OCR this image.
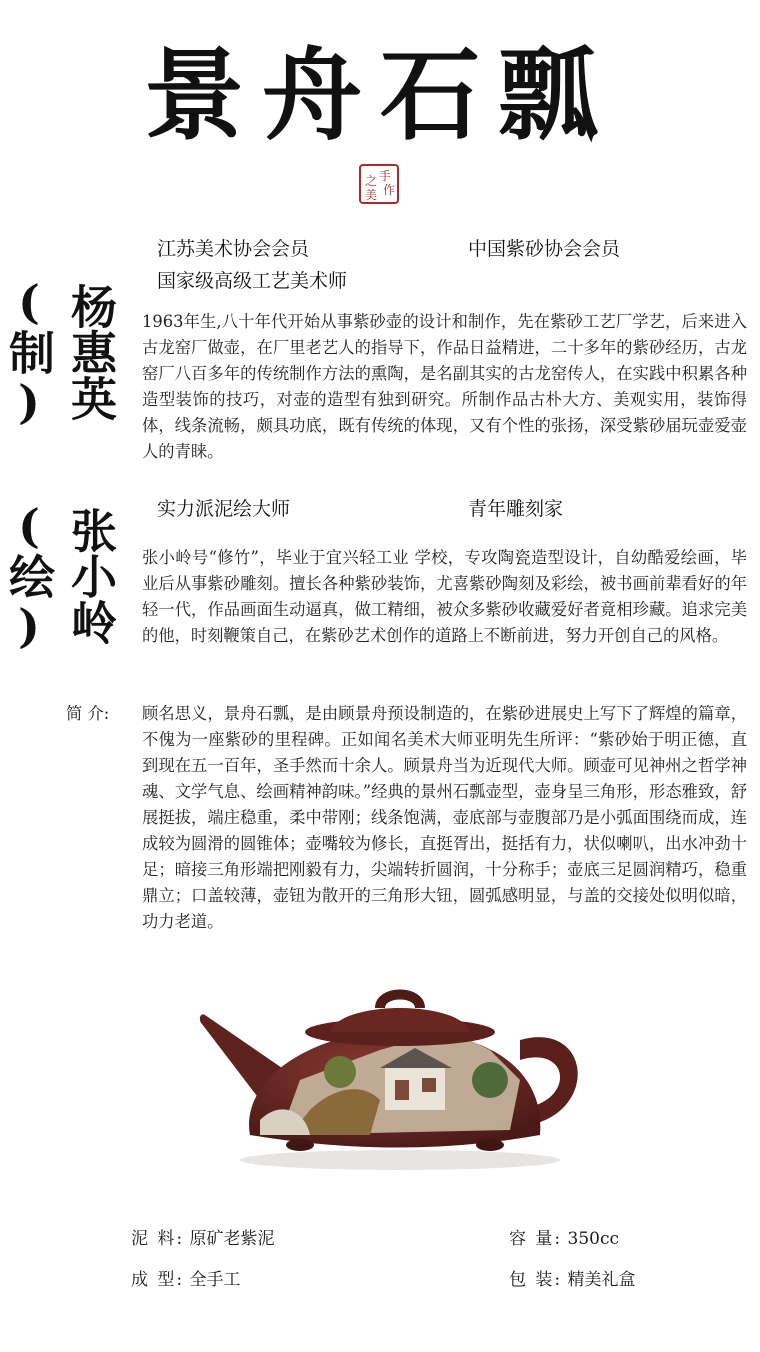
景舟石瓢
手
之
作
美
杨惠英(制)
张小岭(绘)
江苏美术协会会员	中国紫砂协会会员
国家级高级工艺美术师
1963年生,八十年代开始从事紫砂壶的设计和制作，先在紫砂工艺厂学艺，后来进入古龙窑厂做壶，在厂里老艺人的指导下，作品日益精进，二十多年的紫砂经历，古龙窑厂八百多年的传统制作方法的熏陶，是名副其实的古龙窑传人，在实践中积累各种造型装饰的技巧，对壶的造型有独到研究。所制作品古朴大方、美观实用，装饰得体，线条流畅，颇具功底，既有传统的体现，又有个性的张扬，深受紫砂届玩壶爱壶人的青睐。
实力派泥绘大师	青年雕刻家
张小岭号“修竹”，毕业于宜兴轻工业 学校，专攻陶瓷造型设计，自幼酷爱绘画，毕业后从事紫砂雕刻。擅长各种紫砂装饰，尤喜紫砂陶刻及彩绘，被书画前辈看好的年轻一代，作品画面生动逼真，做工精细，被众多紫砂收藏爱好者竟相珍藏。追求完美的他，时刻鞭策自己，在紫砂艺术创作的道路上不断前进，努力开创自己的风格。
简 介: 顾名思义，景舟石瓢，是由顾景舟预设制造的，在紫砂进展史上写下了辉煌的篇章，不傀为一座紫砂的里程碑。正如闻名美术大师亚明先生所评：“紫砂始于明正德，直到现在五一百年，圣手然而十余人。顾景舟当为近现代大师。顾壶可见神州之哲学神魂、文学气息、绘画精神韵味。”经典的景州石瓢壶型，壶身呈三角形，形态雅致，舒展挺拔，端庄稳重，柔中带刚；线条饱满，壶底部与壶腹部乃是小弧面围绕而成，连成较为圆滑的圆锥体；壶嘴较为修长，直挺胥出，挺括有力，状似喇叭，出水冲劲十足；暗接三角形端把刚毅有力，尖端转折圆润，十分称手；壶底三足圆润精巧，稳重鼎立；口盖较薄，壶钮为散开的三角形大钮，圆弧感明显，与盖的交接处似明似暗，功力老道。
泥 料: 原矿老紫泥	容 量: 350cc
成 型: 全手工	包 装: 精美礼盒
